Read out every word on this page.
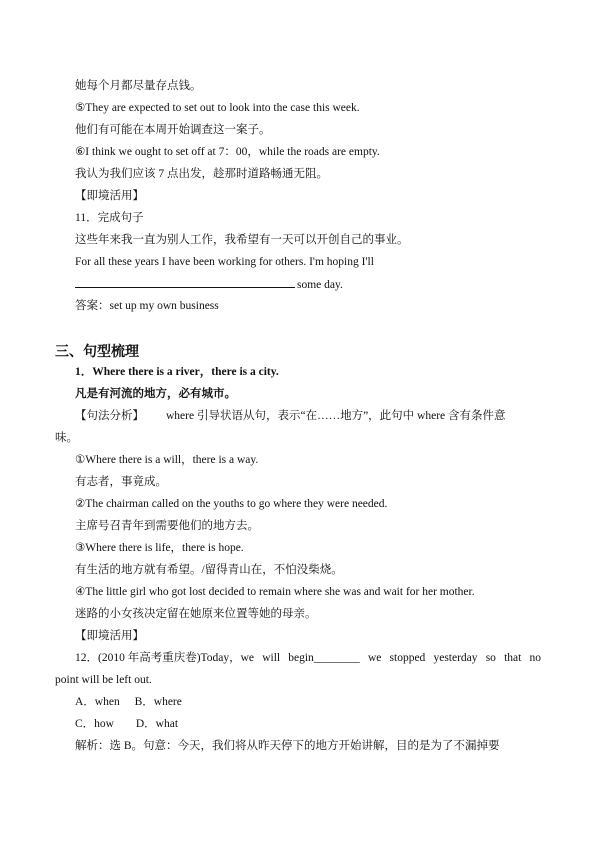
她每个月都尽量存点钱。
⑤They are expected to set out to look into the case this week.
他们有可能在本周开始调查这一案子。
⑥I think we ought to set off at 7：00，while the roads are empty.
我认为我们应该 7 点出发，趁那时道路畅通无阻。
【即境活用】
11．完成句子
这些年来我一直为别人工作，我希望有一天可以开创自己的事业。
For all these years I have been working for others. I'm hoping I'll
some day.
答案：set up my own business
三、句型梳理
1．Where there is a river，there is a city.
凡是有河流的地方，必有城市。
【句法分析】 where 引导状语从句，表示“在……地方”，此句中 where 含有条件意
味。
①Where there is a will，there is a way.
有志者，事竟成。
②The chairman called on the youths to go where they were needed.
主席号召青年到需要他们的地方去。
③Where there is life，there is hope.
有生活的地方就有希望。/留得青山在，不怕没柴烧。
④The little girl who got lost decided to remain where she was and wait for her mother.
迷路的小女孩决定留在她原来位置等她的母亲。
【即境活用】
12．(2010 年高考重庆卷)Today，we will begin________ we stopped yesterday so that no
point will be left out.
A．when B．where
C．how D．what
解析：选 B。句意：今天，我们将从昨天停下的地方开始讲解，目的是为了不漏掉要
